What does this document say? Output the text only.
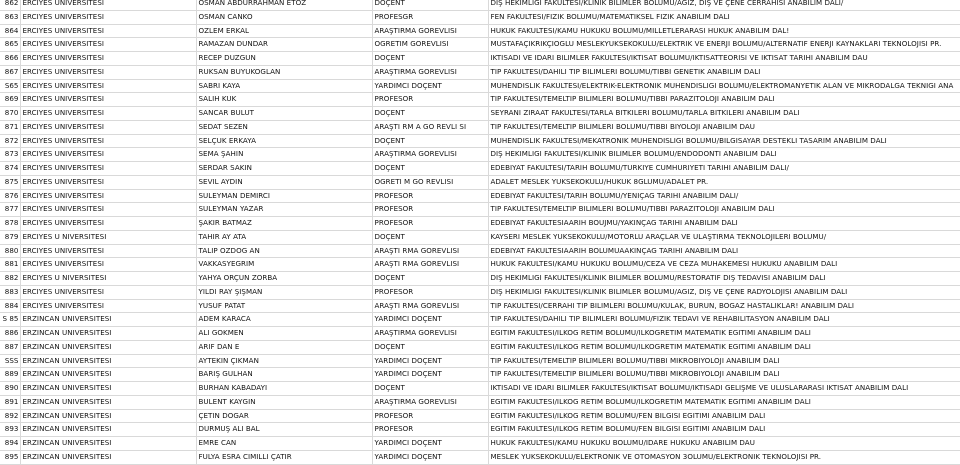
862	ERCIYES UNIVERSITESI	OSMAN ABDURRAHMAN ETOZ	DOÇENT	DIŞ HEKIMLIGI FAKULTESI/KLINIK BILIMLER BOLUMU/AGIZ, DIŞ VE ÇENE CERRAHISI ANABILIM DALI/
863	ERCIYES UNIVERSITESI	OSMAN CANKO	PROFESGR	FEN FAKULTESI/FIZIK BOLUMU/MATEMATIKSEL FIZIK ANABILIM DALI
864	ERCIYES UNIVERSITESI	OZLEM ERKAL	ARAŞTIRMA GOREVLISI	HUKUK FAKULTESI/KAMU HUKUKU BOLUMU/MILLETLERARASI HUKUK ANABILIM DAL!
865	ERCIYES UNIVERSITESI	RAMAZAN DUNDAR	OGRETIM GOREVLISI	MUSTAFAÇIKRIKÇIOGLU MESLEKYUKSEKOKULU/ELEKTRIK VE ENERJI BOLUMU/ALTERNATIF ENERJI KAYNAKLARI TEKNOLOJISI PR.
866	ERCIYES UNIVERSITESI	RECEP DUZGUN	DOÇENT	IKTISADI VE IDARI BILIMLER FAKULTESI/IKTISAT BOLUMU/IKTISATTEORISI VE IKTISAT TARIHI ANABILIM DAU
867	ERCIYES UNIVERSITESI	RUKSAN BUYUKOGLAN	ARAŞTIRMA GOREVLISI	TIP FAKULTESI/DAHILI TIP BILIMLERI BOLUMU/TIBBI GENETIK ANABILIM DALI
S65	ERCIYES UNIVERSITESI	SABRI KAYA	YARDIMCI DOÇENT	MUHENDISLIK FAKULTESI/ELEKTRIK-ELEKTRONIK MUHENDISLIGI BOLUMU/ELEKTROMANYETIK ALAN VE MIKRODALGA TEKNIGI ANA
869	ERCIYES UNIVERSITESI	SALIH KUK	PROFESOR	TIP FAKULTESI/TEMELTIP BILIMLERI BOLUMU/TIBBI PARAZITOLOJI ANABILIM DALI
870	ERCIYES UNIVERSITESI	SANCAR BULUT	DOÇENT	SEYRANI ZIRAAT FAKULTESI/TARLA BITKILERI BOLUMU/TARLA BITKILERI ANABILIM DALI
871	ERCIYES UNIVERSITESI	SEDAT SEZEN	ARAŞTI RM A GO REVLI SI	TIP FAKULTESI/TEMELTIP BILIMLERI BOLUMU/TIBBI BIYOLOJI ANABILIM DAU
872	ERCIYES UNIVERSITESI	SELÇUK ERKAYA	DOÇENT	MUHENDISLIK FAKULTESI/MEKATRONIK MUHENDISLIGI BOLUMU/BILGISAYAR DESTEKLI TASARIM ANABILIM DALI
873	ERCIYES UNIVERSITESI	SEMA ŞAHIN	ARAŞTIRMA GOREVLISI	DIŞ HEKIMLIGI FAKULTESI/KLINIK BILIMLER BOLUMU/ENDODONTI ANABILIM DALI
874	ERCIYES UNIVERSITESI	SERDAR SAKIN	DOÇENT	EDEBIYAT FAKULTESI/TARIH BOLUMU/TURKIYE CUMHURIYETI TARIHI ANABILIM DALI/
875	ERCIYES UNIVERSITESI	SEVIL AYDIN	OGRETI M GO REVLISI	ADALET MESLEK YUKSEKOKULU/HUKUK 8GLUMU/ADALET PR.
876	ERCIYES UNIVERSITESI	SULEYMAN DEMIRCI	PROFESOR	EDEBIYAT FAKULTESI/TARIH BOLUMU/YENIÇAG TARIHI ANABILIM DALI/
877	ERCIYES UNIVERSITESI	SULEYMAN YAZAR	PROFESOR	TIP FAKULTESI/TEMELTIP BILIMLERI BOLUMU/TIBBI PARAZITOLOJI ANABILIM DALI
878	ERCIYES UNIVERSITESI	ŞAKIR BATMAZ	PROFESOR	EDEBIYAT FAKULTESIAARIH BOUJMU/YAKINÇAG TARIHI ANABILIM DALI
879	ERCIYES U NIVERSITESI	TAHIR AY ATA	DOÇENT	KAYSERI MESLEK YUKSEKOKULU/MOTORLU ARAÇLAR VE ULAŞTIRMA TEKNOLOJILERI BOLUMU/
880	ERCIYES UNIVERSITESI	TALIP OZDOG AN	ARAŞTI RMA GOREVLISI	EDEBIYAT FAKULTESIAARIH BOLUMUAAKINÇAG TARIHI ANABILIM DALI
881	ERCIYES UNIVERSITESI	VAKKASYEGRIM	ARAŞTI RMA GOREVLISI	HUKUK FAKULTESI/KAMU HUKUKU BOLUMU/CEZA VE CEZA MUHAKEMESI HUKUKU ANABILIM DALI
882	ERCIYES U NIVERSITESI	YAHYA ORÇUN ZORBA	DOÇENT	DIŞ HEKIMLIGI FAKULTESI/KLINIK BILIMLER BOLUMU/RESTORATIF DIŞ TEDAVISI ANABILIM DALI
883	ERCIYES UNIVERSITESI	YILDI RAY ŞIŞMAN	PROFESOR	DIŞ HEKIMLIGI FAKULTESI/KLINIK BILIMLER BOLUMU/AGIZ, DIŞ VE ÇENE RADYOLOJISI ANABILIM DALI
884	ERCIYES UNIVERSITESI	YUSUF PATAT	ARAŞTI RMA GOREVLISI	TIP FAKULTESI/CERRAHI TIP BILIMLERI BOLUMU/KULAK, BURUN, BOGAZ HASTALIKLAR! ANABILIM DALI
S 85	ERZINCAN UNIVERSITESI	ADEM KARACA	YARDIMCI DOÇENT	TIP FAKULTESI/DAHILI TIP BILIMLERI BOLUMU/FIZIK TEDAVI VE REHABILITASYON ANABILIM DALI
886	ERZINCAN UNIVERSITESI	ALI GOKMEN	ARAŞTIRMA GOREVLISI	EGITIM FAKULTESI/ILKOG RETIM BOLUMU/ILKOGRETIM MATEMATIK EGITIMI ANABILIM DALI
887	ERZINCAN UNIVERSITESI	ARIF DAN E	DOÇENT	EGITIM FAKULTESI/ILKOG RETIM BOLUMU/ILKOGRETIM MATEMATIK EGITIMI ANABILIM DALI
SSS	ERZINCAN UNIVERSITESI	AYTEKIN ÇIKMAN	YARDIMCI DOÇENT	TIP FAKULTESI/TEMELTIP BILIMLERI BOLUMU/TIBBI MIKROBIYOLOJI ANABILIM DALI
889	ERZINCAN UNIVERSITESI	BARIŞ GULHAN	YARDIMCI DOÇENT	TIP FAKULTESI/TEMELTIP BILIMLERI BOLUMU/TIBBI MIKROBIYOLOJI ANABILIM DALI
890	ERZINCAN UNIVERSITESI	BURHAN KABADAYI	DOÇENT	IKTISADI VE IDARI BILIMLER FAKULTESI/IKTISAT BOLUMU/IKTISADI GELIŞME VE ULUSLARARASI IKTISAT ANABILIM DALI
891	ERZINCAN UNIVERSITESI	BULENT KAYGIN	ARAŞTIRMA GOREVLISI	EGITIM FAKULTESI/ILKOG RETIM BOLUMU/ILKOGRETIM MATEMATIK EGITIMI ANABILIM DALI
892	ERZINCAN UNIVERSITESI	ÇETIN DOGAR	PROFESOR	EGITIM FAKULTESI/ILKOG RETIM BOLUMU/FEN BILGISI EGITIMI ANABILIM DALI
893	ERZINCAN UNIVERSITESI	DURMUŞ ALI BAL	PROFESOR	EGITIM FAKULTESI/ILKOG RETIM BOLUMU/FEN BILGISI EGITIMI ANABILIM DALI
894	ERZINCAN UNIVERSITESI	EMRE CAN	YARDIMCI DOÇENT	HUKUK FAKULTESI/KAMU HUKUKU BOLUMU/IDARE HUKUKU ANABILIM DAU
895	ERZINCAN UNIVERSITESI	FULYA ESRA CIMILLI ÇATIR	YARDIMCI DOÇENT	MESLEK YUKSEKOKULU/ELEKTRONIK VE OTOMASYON 3OLUMU/ELEKTRONIK TEKNOLOJISI PR.
